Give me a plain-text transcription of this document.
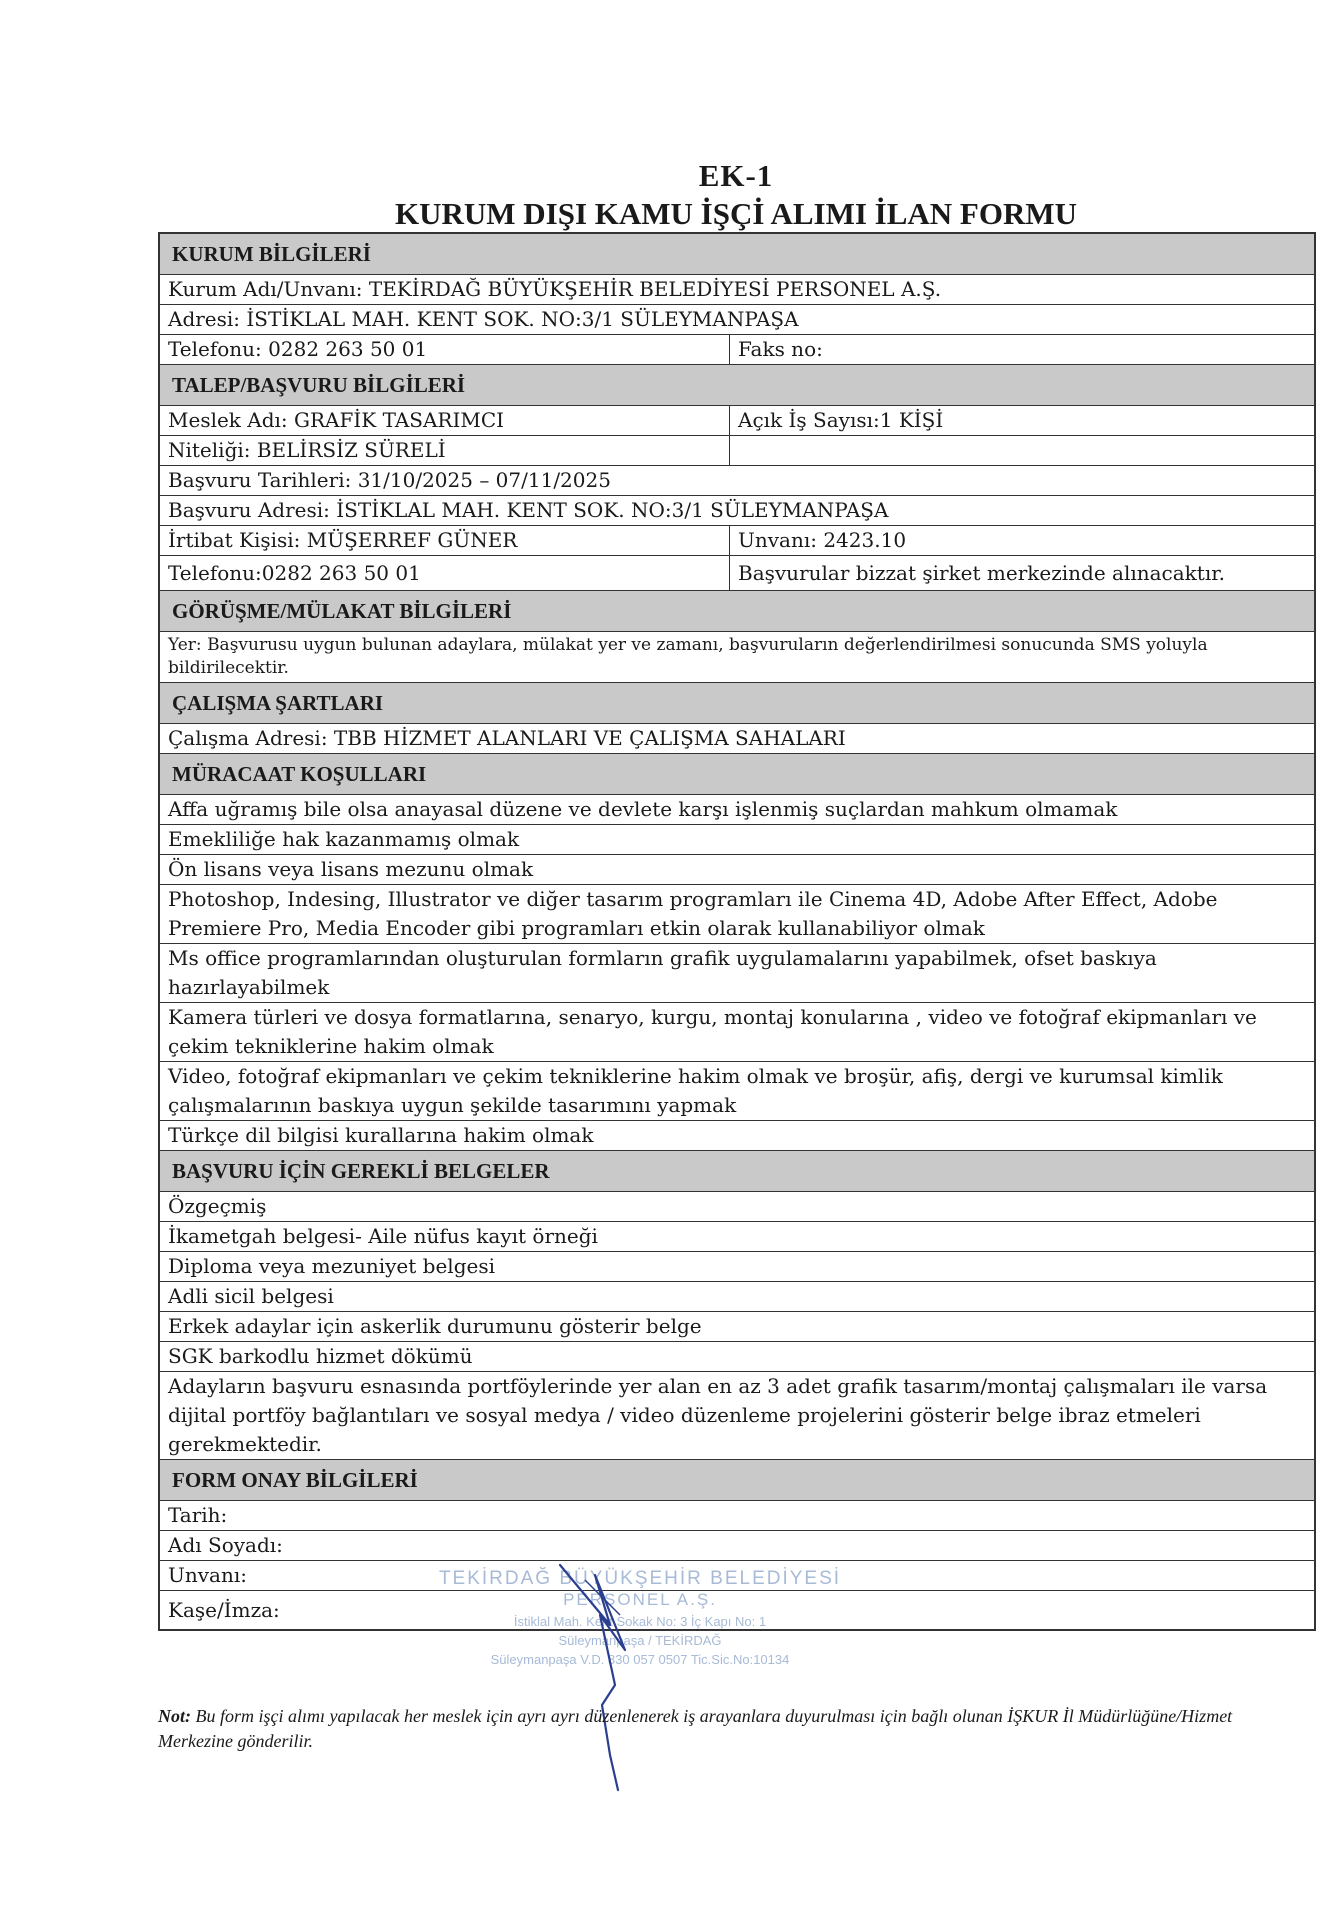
EK-1
KURUM DIŞI KAMU İŞÇİ ALIMI İLAN FORMU
KURUM BİLGİLERİ
Kurum Adı/Unvanı: TEKİRDAĞ BÜYÜKŞEHİR BELEDİYESİ PERSONEL A.Ş.
Adresi: İSTİKLAL MAH. KENT SOK. NO:3/1 SÜLEYMANPAŞA
Telefonu: 0282 263 50 01	Faks no:
TALEP/BAŞVURU BİLGİLERİ
Meslek Adı: GRAFİK TASARIMCI	Açık İş Sayısı:1 KİŞİ
Niteliği: BELİRSİZ SÜRELİ
Başvuru Tarihleri: 31/10/2025 – 07/11/2025
Başvuru Adresi: İSTİKLAL MAH. KENT SOK. NO:3/1 SÜLEYMANPAŞA
İrtibat Kişisi: MÜŞERREF GÜNER	Unvanı: 2423.10
Telefonu:0282 263 50 01	Başvurular bizzat şirket merkezinde alınacaktır.
GÖRÜŞME/MÜLAKAT BİLGİLERİ
Yer: Başvurusu uygun bulunan adaylara, mülakat yer ve zamanı, başvuruların değerlendirilmesi sonucunda SMS yoluyla bildirilecektir.
ÇALIŞMA ŞARTLARI
Çalışma Adresi: TBB HİZMET ALANLARI VE ÇALIŞMA SAHALARI
MÜRACAAT KOŞULLARI
Affa uğramış bile olsa anayasal düzene ve devlete karşı işlenmiş suçlardan mahkum olmamak
Emekliliğe hak kazanmamış olmak
Ön lisans veya lisans mezunu olmak
Photoshop, Indesing, Illustrator ve diğer tasarım programları ile Cinema 4D, Adobe After Effect, Adobe Premiere Pro, Media Encoder gibi programları etkin olarak kullanabiliyor olmak
Ms office programlarından oluşturulan formların grafik uygulamalarını yapabilmek, ofset baskıya hazırlayabilmek
Kamera türleri ve dosya formatlarına, senaryo, kurgu, montaj konularına , video ve fotoğraf ekipmanları ve çekim tekniklerine hakim olmak
Video, fotoğraf ekipmanları ve çekim tekniklerine hakim olmak ve broşür, afiş, dergi ve kurumsal kimlik çalışmalarının baskıya uygun şekilde tasarımını yapmak
Türkçe dil bilgisi kurallarına hakim olmak
BAŞVURU İÇİN GEREKLİ BELGELER
Özgeçmiş
İkametgah belgesi- Aile nüfus kayıt örneği
Diploma veya mezuniyet belgesi
Adli sicil belgesi
Erkek adaylar için askerlik durumunu gösterir belge
SGK barkodlu hizmet dökümü
Adayların başvuru esnasında portföylerinde yer alan en az 3 adet grafik tasarım/montaj çalışmaları ile varsa dijital portföy bağlantıları ve sosyal medya / video düzenleme projelerini gösterir belge ibraz etmeleri gerekmektedir.
FORM ONAY BİLGİLERİ
Tarih:
Adı Soyadı:
Unvanı:
Kaşe/İmza:
TEKİRDAĞ BÜYÜKŞEHİR BELEDİYESİ
PERSONEL A.Ş.
İstiklal Mah. Kent Sokak No: 3 İç Kapı No: 1
Süleymanpaşa / TEKİRDAĞ
Süleymanpaşa V.D. 830 057 0507 Tic.Sic.No:10134
Not: Bu form işçi alımı yapılacak her meslek için ayrı ayrı düzenlenerek iş arayanlara duyurulması için bağlı olunan İŞKUR İl Müdürlüğüne/Hizmet Merkezine gönderilir.
